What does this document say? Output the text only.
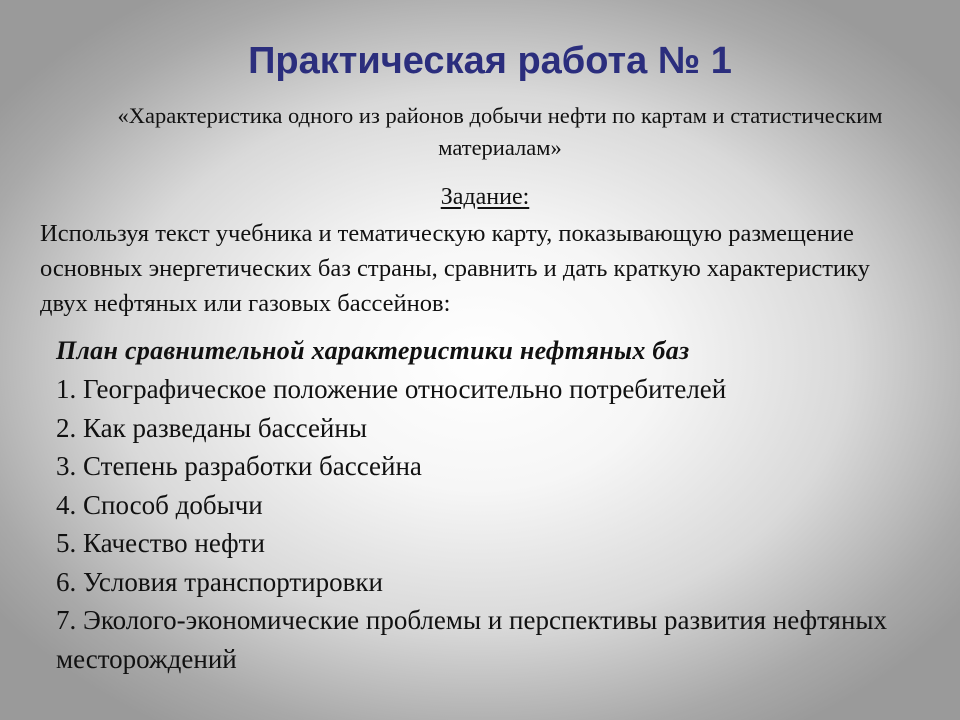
Практическая работа № 1
«Характеристика одного из районов добычи нефти по картам и статистическим материалам»
Задание:
Используя текст учебника и тематическую карту, показывающую размещение основных энергетических баз страны, сравнить и дать краткую характеристику двух нефтяных или газовых бассейнов:
План сравнительной характеристики нефтяных баз
1. Географическое положение относительно потребителей
2. Как разведаны бассейны
3. Степень разработки бассейна
4. Способ добычи
5. Качество нефти
6. Условия транспортировки
7. Эколого-экономические проблемы и перспективы развития нефтяных месторождений
